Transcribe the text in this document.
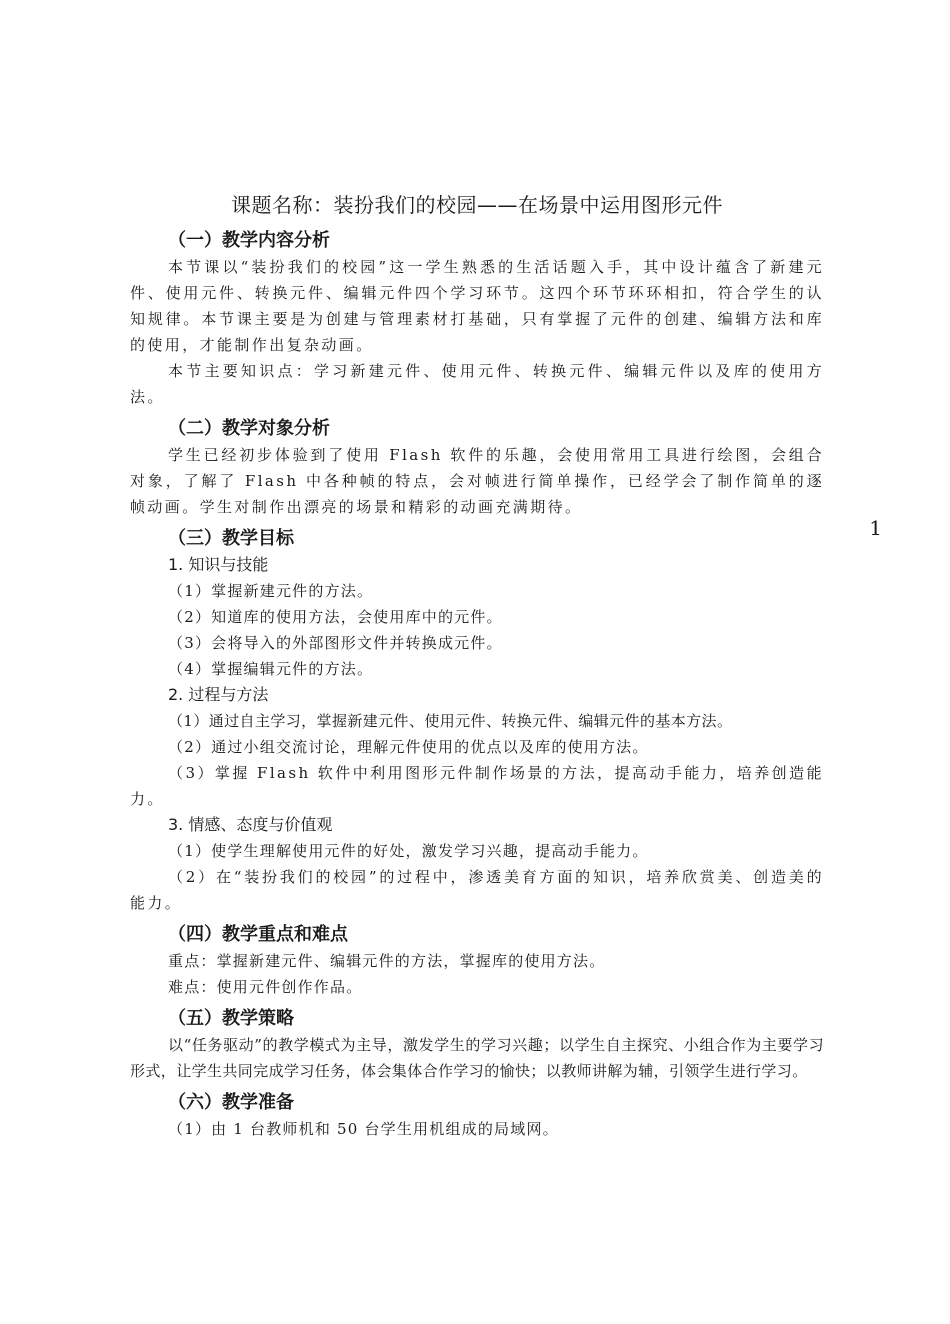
课题名称：装扮我们的校园——在场景中运用图形元件
（一）教学内容分析

本节课以“装扮我们的校园”这一学生熟悉的生活话题入手，其中设计蕴含了新建元件、使用元件、转换元件、编辑元件四个学习环节。这四个环节环环相扣，符合学生的认知规律。本节课主要是为创建与管理素材打基础，只有掌握了元件的创建、编辑方法和库的使用，才能制作出复杂动画。

本节主要知识点：学习新建元件、使用元件、转换元件、编辑元件以及库的使用方法。

（二）教学对象分析

学生已经初步体验到了使用 Flash 软件的乐趣，会使用常用工具进行绘图，会组合对象，了解了 Flash 中各种帧的特点，会对帧进行简单操作，已经学会了制作简单的逐帧动画。学生对制作出漂亮的场景和精彩的动画充满期待。

（三）教学目标

1. 知识与技能

（1）掌握新建元件的方法。

（2）知道库的使用方法，会使用库中的元件。

（3）会将导入的外部图形文件并转换成元件。

（4）掌握编辑元件的方法。

2. 过程与方法

（1）通过自主学习，掌握新建元件、使用元件、转换元件、编辑元件的基本方法。

（2）通过小组交流讨论，理解元件使用的优点以及库的使用方法。

（3）掌握 Flash 软件中利用图形元件制作场景的方法，提高动手能力，培养创造能力。

3. 情感、态度与价值观

（1）使学生理解使用元件的好处，激发学习兴趣，提高动手能力。

（2）在“装扮我们的校园”的过程中，渗透美育方面的知识，培养欣赏美、创造美的能力。

（四）教学重点和难点

重点：掌握新建元件、编辑元件的方法，掌握库的使用方法。

难点：使用元件创作作品。

（五）教学策略

以“任务驱动”的教学模式为主导，激发学生的学习兴趣；以学生自主探究、小组合作为主要学习形式，让学生共同完成学习任务，体会集体合作学习的愉快；以教师讲解为辅，引领学生进行学习。

（六）教学准备

（1）由 1 台教师机和 50 台学生用机组成的局域网。

1
